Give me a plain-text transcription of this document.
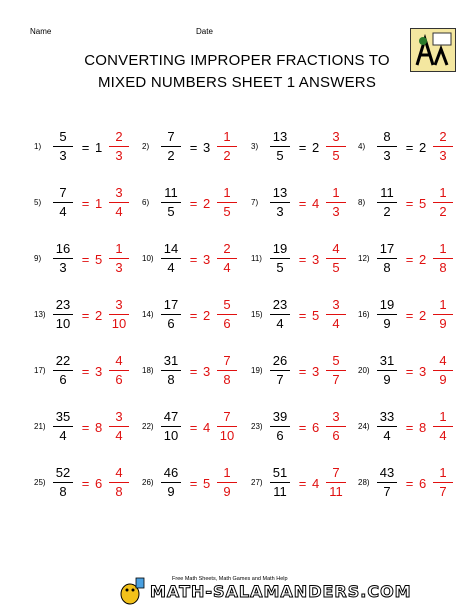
Name	Date
CONVERTING IMPROPER FRACTIONS TO
MIXED NUMBERS SHEET 1 ANSWERS
1)
5
3
= 1
2
3
2)
7
2
= 3
1
2
3)
13
5
= 2
3
5
4)
8
3
= 2
2
3
5)
7
4
= 1
3
4
6)
11
5
= 2
1
5
7)
13
3
= 4
1
3
8)
11
2
= 5
1
2
9)
16
3
= 5
1
3
10)
14
4
= 3
2
4
11)
19
5
= 3
4
5
12)
17
8
= 2
1
8
13)
23
10
= 2
3
10
14)
17
6
= 2
5
6
15)
23
4
= 5
3
4
16)
19
9
= 2
1
9
17)
22
6
= 3
4
6
18)
31
8
= 3
7
8
19)
26
7
= 3
5
7
20)
31
9
= 3
4
9
21)
35
4
= 8
3
4
22)
47
10
= 4
7
10
23)
39
6
= 6
3
6
24)
33
4
= 8
1
4
25)
52
8
= 6
4
8
26)
46
9
= 5
1
9
27)
51
11
= 4
7
11
28)
43
7
= 6
1
7
Free Math Sheets, Math Games and Math Help
MATH-SALAMANDERS.COM
